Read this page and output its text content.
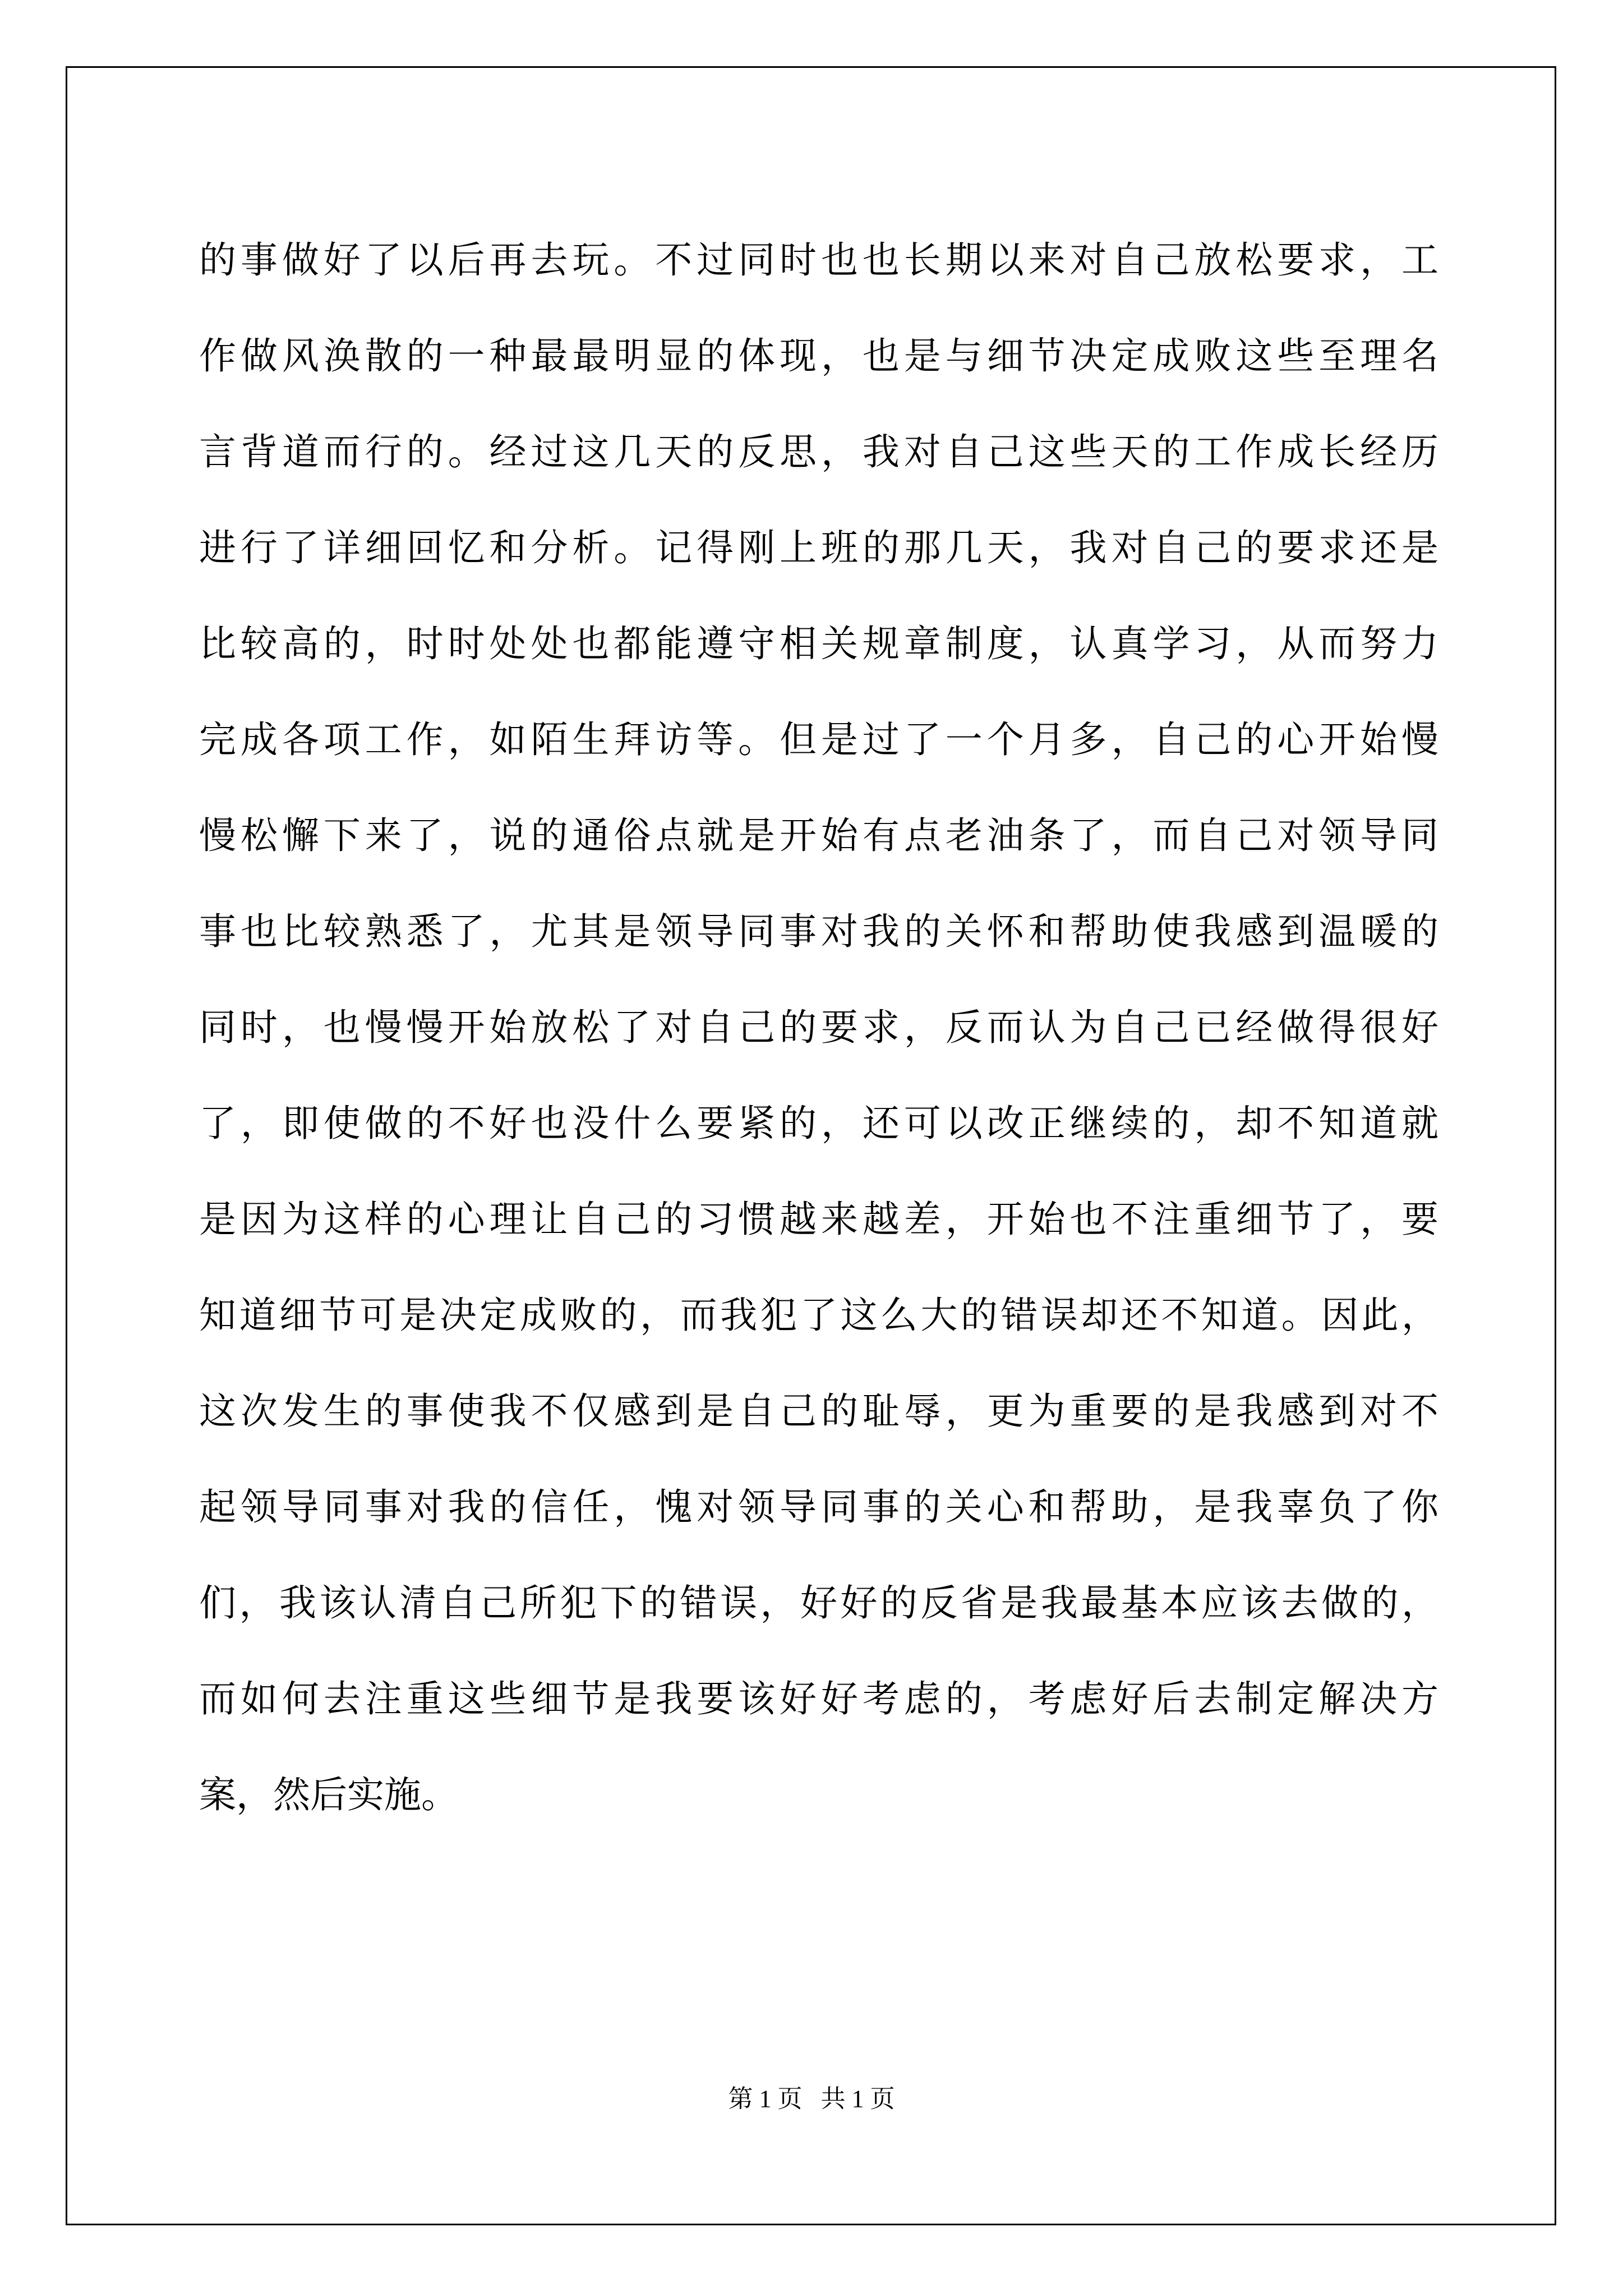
的事做好了以后再去玩。不过同时也也长期以来对自己放松要求，工
作做风涣散的一种最最明显的体现，也是与细节决定成败这些至理名
言背道而行的。经过这几天的反思，我对自己这些天的工作成长经历
进行了详细回忆和分析。记得刚上班的那几天，我对自己的要求还是
比较高的，时时处处也都能遵守相关规章制度，认真学习，从而努力
完成各项工作，如陌生拜访等。但是过了一个月多，自己的心开始慢
慢松懈下来了，说的通俗点就是开始有点老油条了，而自己对领导同
事也比较熟悉了，尤其是领导同事对我的关怀和帮助使我感到温暖的
同时，也慢慢开始放松了对自己的要求，反而认为自己已经做得很好
了，即使做的不好也没什么要紧的，还可以改正继续的，却不知道就
是因为这样的心理让自己的习惯越来越差，开始也不注重细节了，要
知道细节可是决定成败的，而我犯了这么大的错误却还不知道。因此，
这次发生的事使我不仅感到是自己的耻辱，更为重要的是我感到对不
起领导同事对我的信任，愧对领导同事的关心和帮助，是我辜负了你
们，我该认清自己所犯下的错误，好好的反省是我最基本应该去做的，
而如何去注重这些细节是我要该好好考虑的，考虑好后去制定解决方
案，然后实施。
第 1 页 共 1 页
